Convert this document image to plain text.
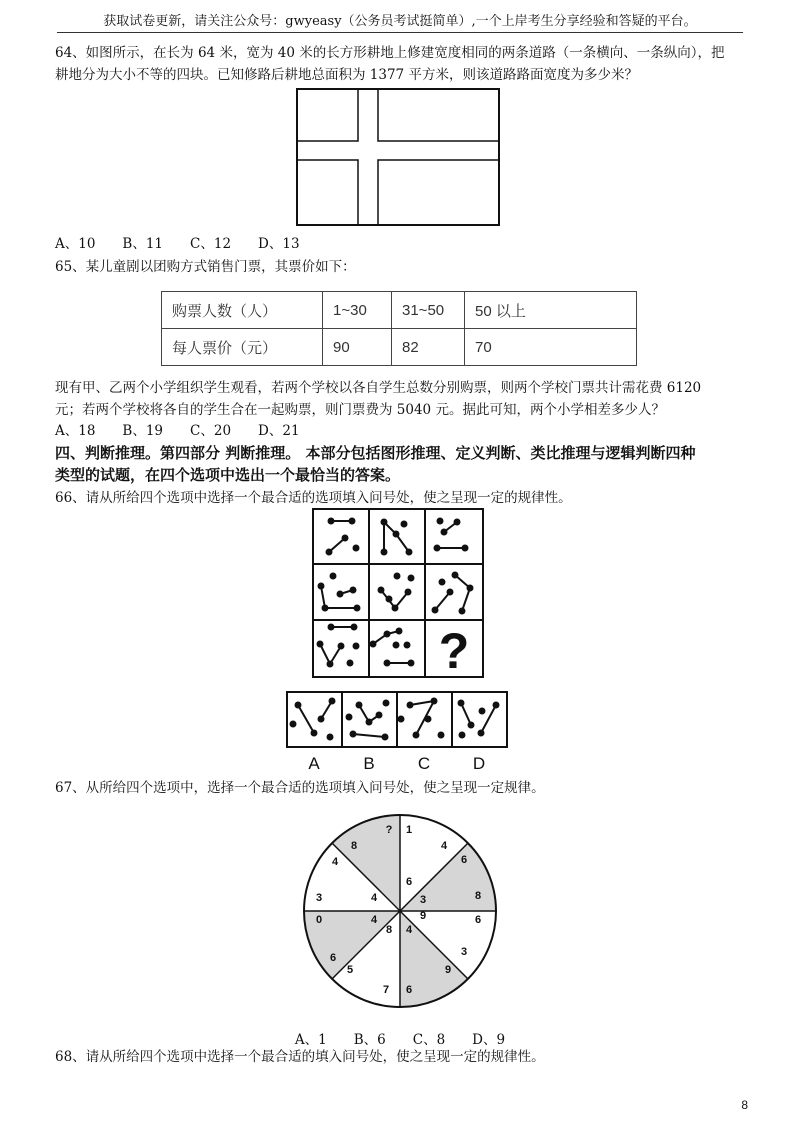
获取试卷更新，请关注公众号：gwyeasy（公务员考试挺简单）,一个上岸考生分享经验和答疑的平台。
64、如图所示，在长为 64 米，宽为 40 米的长方形耕地上修建宽度相同的两条道路（一条横向、一条纵向），把
耕地分为大小不等的四块。已知修路后耕地总面积为 1377 平方米，则该道路路面宽度为多少米？
A、10　　B、11　　C、12　　D、13
65、某儿童剧以团购方式销售门票，其票价如下：
购票人数（人）	1~30	31~50	50 以上
每人票价（元）	90	82	70
现有甲、乙两个小学组织学生观看，若两个学校以各自学生总数分别购票，则两个学校门票共计需花费 6120
元；若两个学校将各自的学生合在一起购票，则门票费为 5040 元。据此可知，两个小学相差多少人？
A、18　　B、19　　C、20　　D、21
四、判断推理。第四部分 判断推理。 本部分包括图形推理、定义判断、类比推理与逻辑判断四种
类型的试题，在四个选项中选出一个最恰当的答案。
66、请从所给四个选项中选择一个最合适的选项填入问号处，使之呈现一定的规律性。
?
A	B	C	D
67、从所给四个选项中，选择一个最合适的选项填入问号处，使之呈现一定规律。
? 1
8	4
4	6
6
3	4	3	8
0	4	9	6
8 4
6	3
9
5
7 6
A、1　　B、6　　C、8　　D、9
68、请从所给四个选项中选择一个最合适的填入问号处，使之呈现一定的规律性。
8
